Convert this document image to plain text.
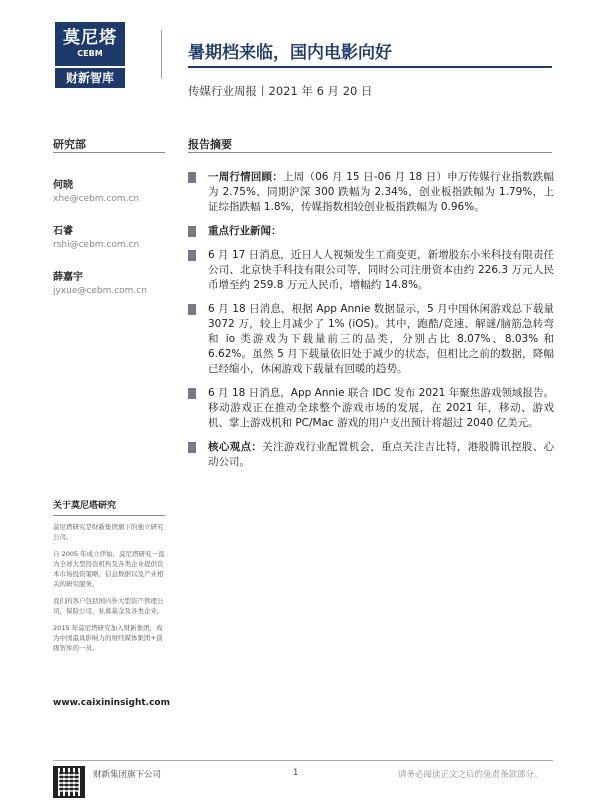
莫尼塔
CEBM
财新智库
暑期档来临，国内电影向好
传媒行业周报丨2021 年 6 月 20 日
研究部	报告摘要
何晓
xhe@cebm.com.cn
石睿
rshi@cebm.com.cn
薛嘉宇
jyxue@cebm.com.cn
一周行情回顾：上周（06 月 15 日-06 月 18 日）申万传媒行业指数跌幅为 2.75%，同期沪深 300 跌幅为 2.34%，创业板指跌幅为 1.79%，上证综指跌幅 1.8%，传媒指数相较创业板指跌幅为 0.96%。
重点行业新闻：
6 月 17 日消息，近日人人视频发生工商变更，新增股东小米科技有限责任公司、北京快手科技有限公司等，同时公司注册资本由约 226.3 万元人民币增至约 259.8 万元人民币，增幅约 14.8%。
6 月 18 日消息，根据 App Annie 数据显示，5 月中国休闲游戏总下载量 3072 万，较上月减少了 1% (iOS)。其中，跑酷/竞速、解谜/脑筋急转弯和 io 类游戏为下载量前三的品类，分别占比 8.07%、8.03% 和 6.62%。虽然 5 月下载量依旧处于减少的状态，但相比之前的数据，降幅已经缩小，休闲游戏下载量有回暖的趋势。
6 月 18 日消息，App Annie 联合 IDC 发布 2021 年聚焦游戏领域报告。移动游戏正在推动全球整个游戏市场的发展，在 2021 年，移动、游戏机、掌上游戏机和 PC/Mac 游戏的用户支出预计将超过 2040 亿美元。
核心观点：关注游戏行业配置机会，重点关注吉比特，港股腾讯控股、心动公司。
关于莫尼塔研究

莫尼塔研究是财新集团旗下的独立研究公司。

自 2005 年成立伊始，莫尼塔研究一直为全球大型投资机构及各类企业提供资本市场投资策略，信息数据以及产业相关的研究服务。

我们的客户包括国内外大型资产管理公司，保险公司，私募基金及各类企业。

2015 年莫尼塔研究加入财新集团，成为中国最具影响力的财经媒体集团+顶级智库的一员。

www.caixininsight.com
财新集团旗下公司	1	请务必阅读正文之后的免责条款部分。
